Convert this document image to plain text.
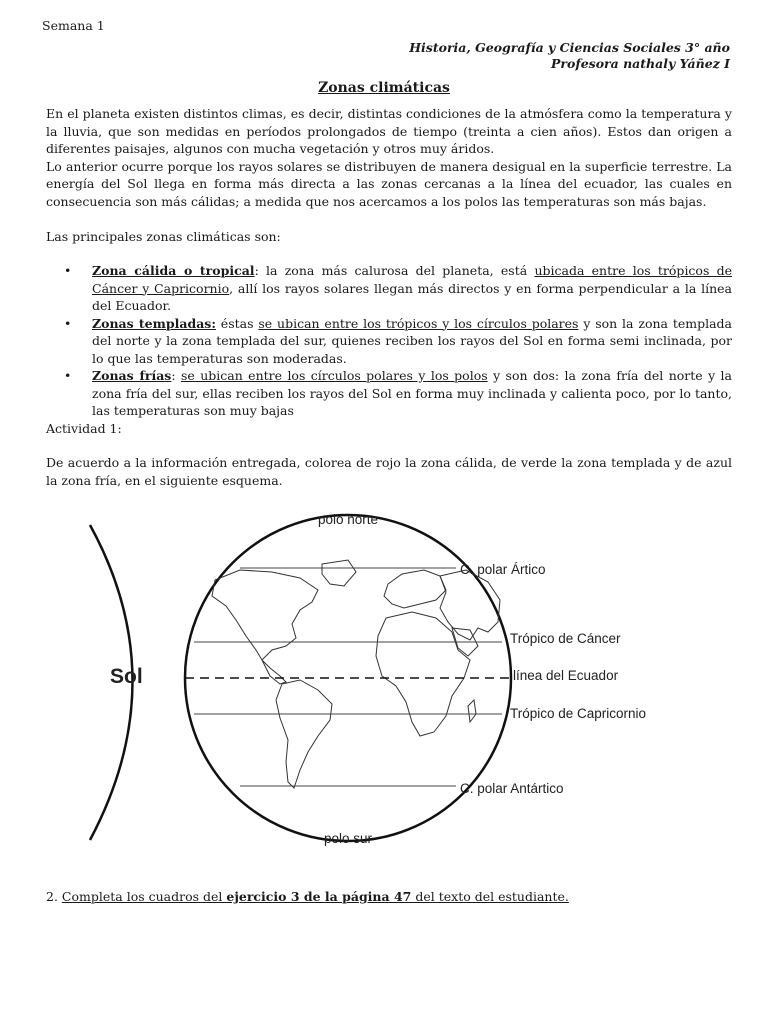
Semana 1
Historia, Geografía y Ciencias Sociales 3° año
Profesora nathaly Yáñez I
Zonas climáticas
En el planeta existen distintos climas, es decir, distintas condiciones de la atmósfera como la temperatura y la lluvia, que son medidas en períodos prolongados de tiempo (treinta a cien años). Estos dan origen a diferentes paisajes, algunos con mucha vegetación y otros muy áridos.
Lo anterior ocurre porque los rayos solares se distribuyen de manera desigual en la superficie terrestre. La energía del Sol llega en forma más directa a las zonas cercanas a la línea del ecuador, las cuales en consecuencia son más cálidas; a medida que nos acercamos a los polos las temperaturas son más bajas.
Las principales zonas climáticas son:
• Zona cálida o tropical: la zona más calurosa del planeta, está ubicada entre los trópicos de Cáncer y Capricornio, allí los rayos solares llegan más directos y en forma perpendicular a la línea del Ecuador.
• Zonas templadas: éstas se ubican entre los trópicos y los círculos polares y son la zona templada del norte y la zona templada del sur, quienes reciben los rayos del Sol en forma semi inclinada, por lo que las temperaturas son moderadas.
• Zonas frías: se ubican entre los círculos polares y los polos y son dos: la zona fría del norte y la zona fría del sur, ellas reciben los rayos del Sol en forma muy inclinada y calienta poco, por lo tanto, las temperaturas son muy bajas
Actividad 1:
De acuerdo a la información entregada, colorea de rojo la zona cálida, de verde la zona templada y de azul la zona fría, en el siguiente esquema.
Sol
polo norte
polo sur
C. polar Ártico
Trópico de Cáncer
línea del Ecuador
Trópico de Capricornio
C. polar Antártico
2. Completa los cuadros del ejercicio 3 de la página 47 del texto del estudiante.
